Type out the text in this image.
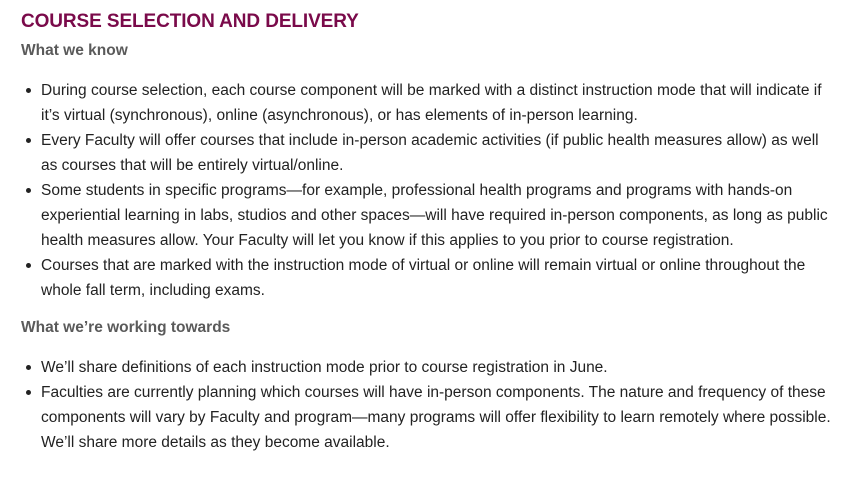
COURSE SELECTION AND DELIVERY
What we know
During course selection, each course component will be marked with a distinct instruction mode that will indicate if it’s virtual (synchronous), online (asynchronous), or has elements of in-person learning.
Every Faculty will offer courses that include in-person academic activities (if public health measures allow) as well as courses that will be entirely virtual/online.
Some students in specific programs—for example, professional health programs and programs with hands-on experiential learning in labs, studios and other spaces—will have required in-person components, as long as public health measures allow. Your Faculty will let you know if this applies to you prior to course registration.
Courses that are marked with the instruction mode of virtual or online will remain virtual or online throughout the whole fall term, including exams.
What we’re working towards
We’ll share definitions of each instruction mode prior to course registration in June.
Faculties are currently planning which courses will have in-person components. The nature and frequency of these components will vary by Faculty and program—many programs will offer flexibility to learn remotely where possible. We’ll share more details as they become available.
